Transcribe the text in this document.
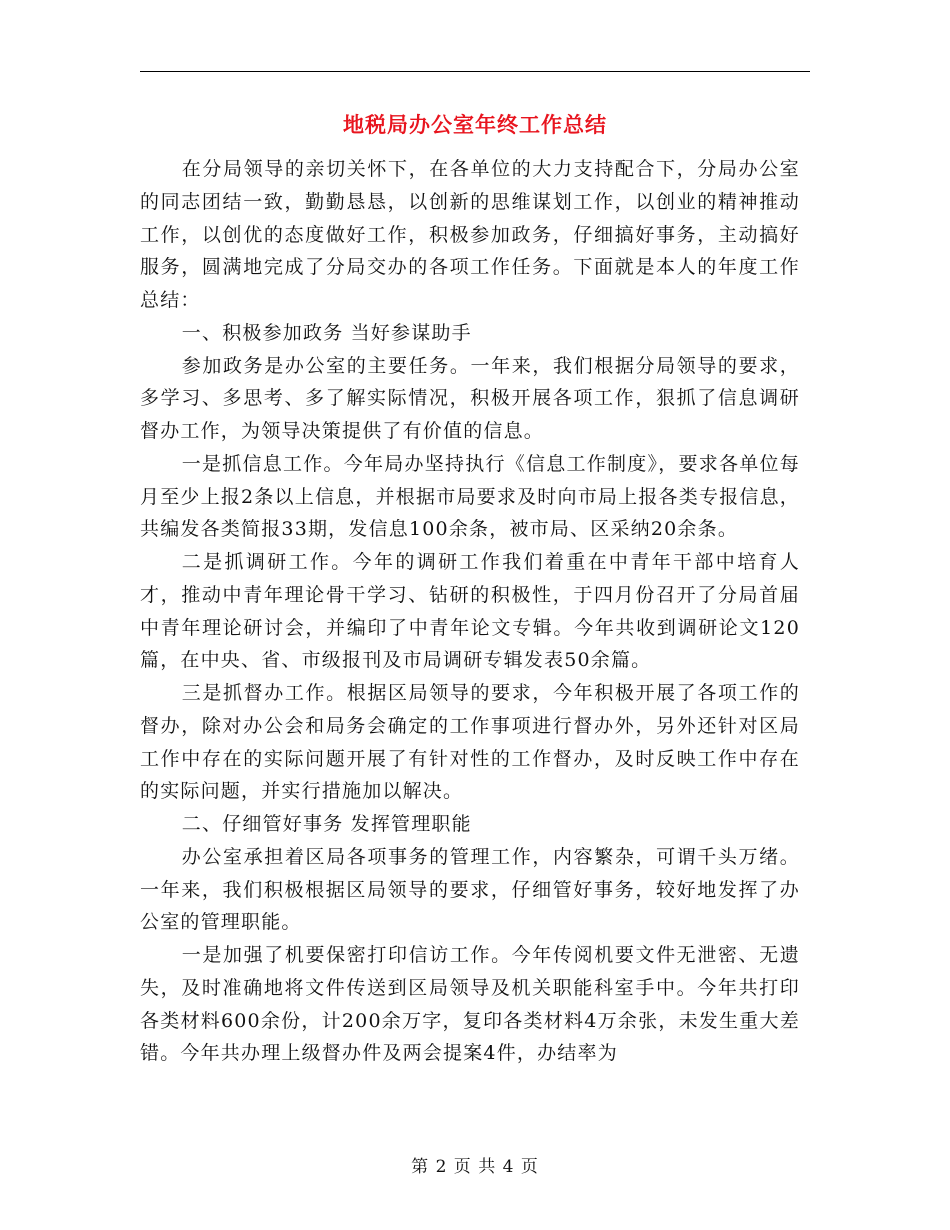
地税局办公室年终工作总结

在分局领导的亲切关怀下，在各单位的大力支持配合下，分局办公室的同志团结一致，勤勤恳恳，以创新的思维谋划工作，以创业的精神推动工作，以创优的态度做好工作，积极参加政务，仔细搞好事务，主动搞好服务，圆满地完成了分局交办的各项工作任务。下面就是本人的年度工作总结：

一、积极参加政务 当好参谋助手

参加政务是办公室的主要任务。一年来，我们根据分局领导的要求，多学习、多思考、多了解实际情况，积极开展各项工作，狠抓了信息调研督办工作，为领导决策提供了有价值的信息。

一是抓信息工作。今年局办坚持执行《信息工作制度》，要求各单位每月至少上报2条以上信息，并根据市局要求及时向市局上报各类专报信息，共编发各类简报33期，发信息100余条，被市局、区采纳20余条。

二是抓调研工作。今年的调研工作我们着重在中青年干部中培育人才，推动中青年理论骨干学习、钻研的积极性，于四月份召开了分局首届中青年理论研讨会，并编印了中青年论文专辑。今年共收到调研论文120篇，在中央、省、市级报刊及市局调研专辑发表50余篇。

三是抓督办工作。根据区局领导的要求，今年积极开展了各项工作的督办，除对办公会和局务会确定的工作事项进行督办外，另外还针对区局工作中存在的实际问题开展了有针对性的工作督办，及时反映工作中存在的实际问题，并实行措施加以解决。

二、仔细管好事务 发挥管理职能

办公室承担着区局各项事务的管理工作，内容繁杂，可谓千头万绪。一年来，我们积极根据区局领导的要求，仔细管好事务，较好地发挥了办公室的管理职能。

一是加强了机要保密打印信访工作。今年传阅机要文件无泄密、无遗失，及时准确地将文件传送到区局领导及机关职能科室手中。今年共打印各类材料600余份，计200余万字，复印各类材料4万余张，未发生重大差错。今年共办理上级督办件及两会提案4件，办结率为

第 2 页 共 4 页
